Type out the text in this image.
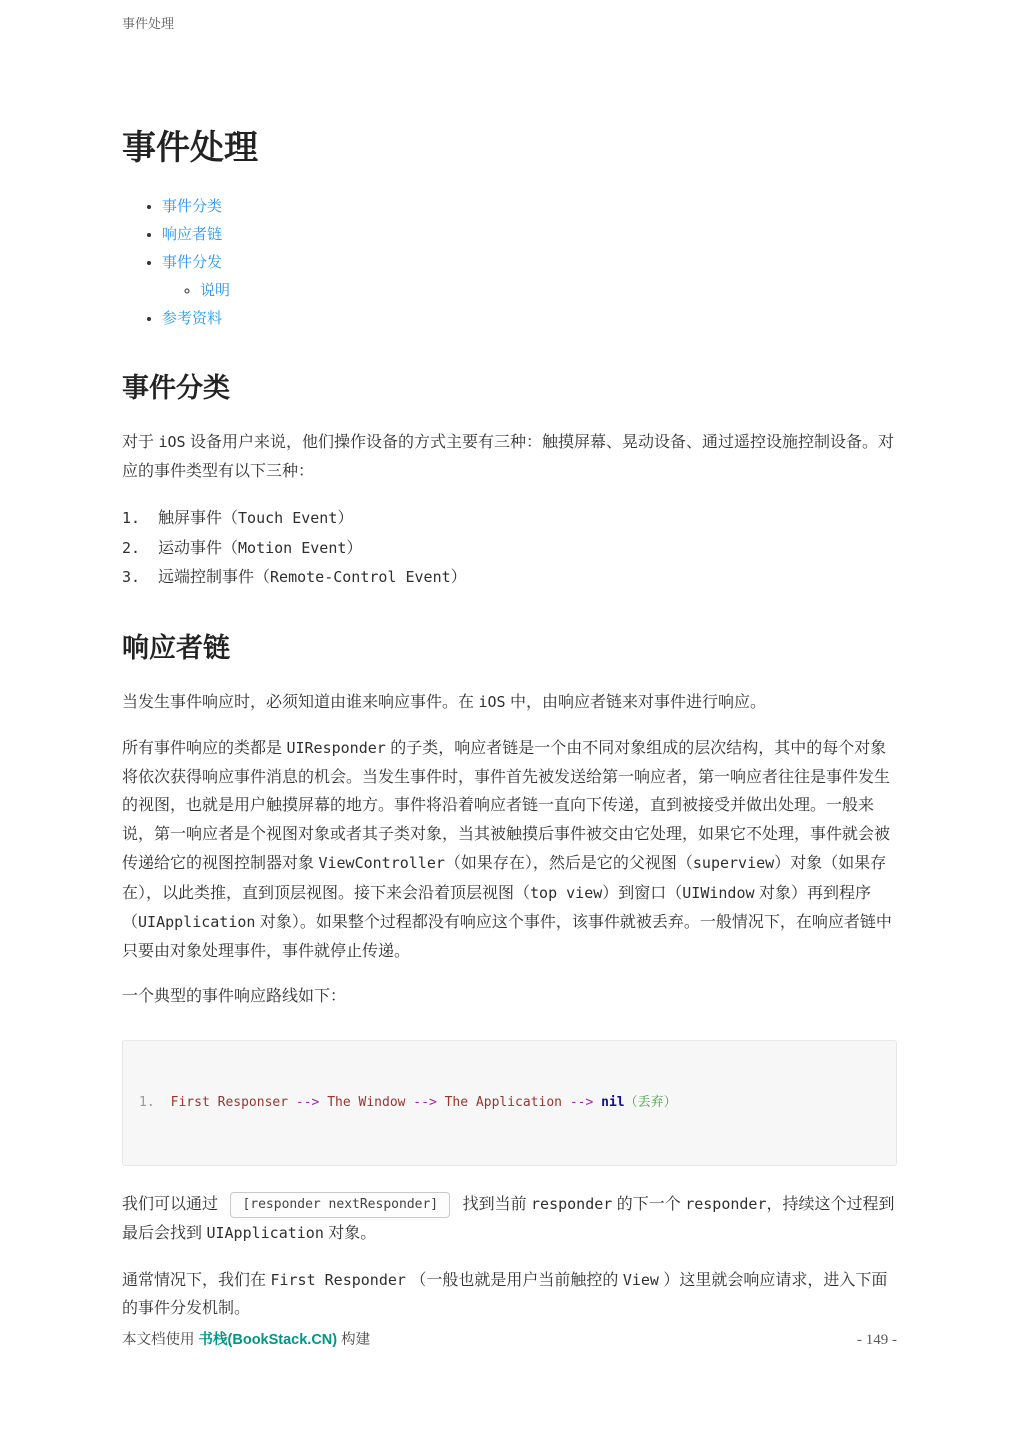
事件处理
事件处理
• 事件分类
• 响应者链
• 事件分发
◦ 说明
• 参考资料
事件分类

对于 iOS 设备用户来说，他们操作设备的方式主要有三种：触摸屏幕、晃动设备、通过遥控设施控制设备。对应的事件类型有以下三种：

1.	触屏事件（Touch Event）
2.	运动事件（Motion Event）
3.	远端控制事件（Remote-Control Event）
响应者链

当发生事件响应时，必须知道由谁来响应事件。在 iOS 中，由响应者链来对事件进行响应。

所有事件响应的类都是 UIResponder 的子类，响应者链是一个由不同对象组成的层次结构，其中的每个对象将依次获得响应事件消息的机会。当发生事件时，事件首先被发送给第一响应者，第一响应者往往是事件发生的视图，也就是用户触摸屏幕的地方。事件将沿着响应者链一直向下传递，直到被接受并做出处理。一般来说，第一响应者是个视图对象或者其子类对象，当其被触摸后事件被交由它处理，如果它不处理，事件就会被传递给它的视图控制器对象 ViewController（如果存在），然后是它的父视图（superview）对象（如果存在），以此类推，直到顶层视图。接下来会沿着顶层视图（top view）到窗口（UIWindow 对象）再到程序（UIApplication 对象）。如果整个过程都没有响应这个事件，该事件就被丢弃。一般情况下，在响应者链中只要由对象处理事件，事件就停止传递。

一个典型的事件响应路线如下：

1. First Responser --> The Window --> The Application --> nil（丢弃）

我们可以通过 [responder nextResponder] 找到当前 responder 的下一个 responder，持续这个过程到最后会找到 UIApplication 对象。

通常情况下，我们在 First Responder （一般也就是用户当前触控的 View ）这里就会响应请求，进入下面的事件分发机制。

本文档使用 书栈(BookStack.CN) 构建	- 149 -
